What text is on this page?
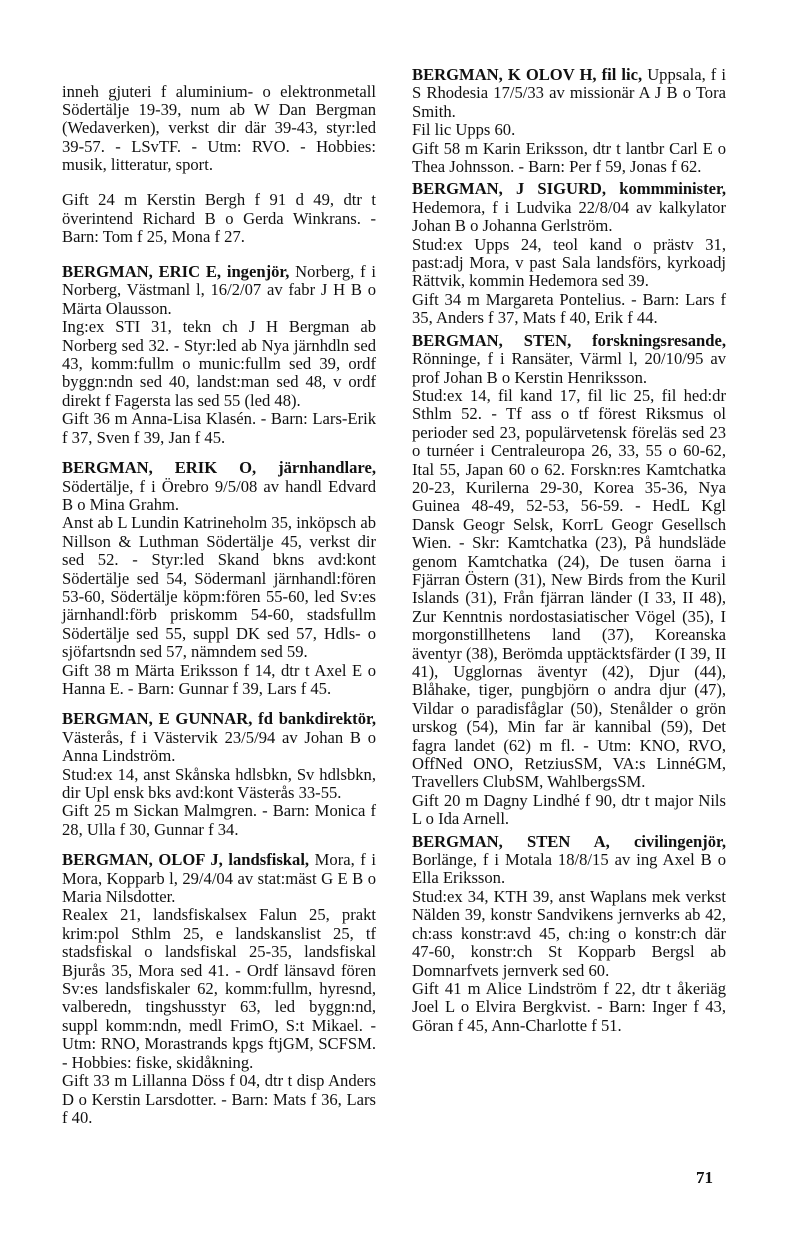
inneh gjuteri f aluminium- o elektronmetall Södertälje 19-39, num ab W Dan Bergman (Wedaverken), verkst dir där 39-43, styr:led 39-57. - LSvTF. - Utm: RVO. - Hobbies: musik, litteratur, sport.

Gift 24 m Kerstin Bergh f 91 d 49, dtr t överintend Richard B o Gerda Winkrans. - Barn: Tom f 25, Mona f 27.

BERGMAN, ERIC E, ingenjör, Norberg, f i Norberg, Västmanl l, 16/2/07 av fabr J H B o Märta Olausson.

Ing:ex STI 31, tekn ch J H Bergman ab Norberg sed 32. - Styr:led ab Nya järnhdln sed 43, komm:fullm o munic:fullm sed 39, ordf byggn:ndn sed 40, landst:man sed 48, v ordf direkt f Fagersta las sed 55 (led 48).

Gift 36 m Anna-Lisa Klasén. - Barn: Lars-Erik f 37, Sven f 39, Jan f 45.

BERGMAN, ERIK O, järnhandlare, Södertälje, f i Örebro 9/5/08 av handl Edvard B o Mina Grahm.

Anst ab L Lundin Katrineholm 35, inköpsch ab Nillson & Luthman Södertälje 45, verkst dir sed 52. - Styr:led Skand bkns avd:kont Södertälje sed 54, Södermanl järnhandl:fören 53-60, Södertälje köpm:fören 55-60, led Sv:es järnhandl:förb priskomm 54-60, stadsfullm Södertälje sed 55, suppl DK sed 57, Hdls- o sjöfartsndn sed 57, nämndem sed 59.

Gift 38 m Märta Eriksson f 14, dtr t Axel E o Hanna E. - Barn: Gunnar f 39, Lars f 45.

BERGMAN, E GUNNAR, fd bankdirektör, Västerås, f i Västervik 23/5/94 av Johan B o Anna Lindström.

Stud:ex 14, anst Skånska hdlsbkn, Sv hdlsbkn, dir Upl ensk bks avd:kont Västerås 33-55.

Gift 25 m Sickan Malmgren. - Barn: Monica f 28, Ulla f 30, Gunnar f 34.

BERGMAN, OLOF J, landsfiskal, Mora, f i Mora, Kopparb l, 29/4/04 av stat:mäst G E B o Maria Nilsdotter.

Realex 21, landsfiskalsex Falun 25, prakt krim:pol Sthlm 25, e landskanslist 25, tf stadsfiskal o landsfiskal 25-35, landsfiskal Bjurås 35, Mora sed 41. - Ordf länsavd fören Sv:es landsfiskaler 62, komm:fullm, hyresnd, valberedn, tingshusstyr 63, led byggn:nd, suppl komm:ndn, medl FrimO, S:t Mikael. - Utm: RNO, Morastrands kpgs ftjGM, SCFSM. - Hobbies: fiske, skidåkning.

Gift 33 m Lillanna Döss f 04, dtr t disp Anders D o Kerstin Larsdotter. - Barn: Mats f 36, Lars f 40.

BERGMAN, K OLOV H, fil lic, Uppsala, f i S Rhodesia 17/5/33 av missionär A J B o Tora Smith.

Fil lic Upps 60.

Gift 58 m Karin Eriksson, dtr t lantbr Carl E o Thea Johnsson. - Barn: Per f 59, Jonas f 62.

BERGMAN, J SIGURD, kommminister, Hedemora, f i Ludvika 22/8/04 av kalkylator Johan B o Johanna Gerlström.

Stud:ex Upps 24, teol kand o prästv 31, past:adj Mora, v past Sala landsförs, kyrkoadj Rättvik, kommin Hedemora sed 39.

Gift 34 m Margareta Pontelius. - Barn: Lars f 35, Anders f 37, Mats f 40, Erik f 44.

BERGMAN, STEN, forskningsresande, Rönninge, f i Ransäter, Värml l, 20/10/95 av prof Johan B o Kerstin Henriksson.

Stud:ex 14, fil kand 17, fil lic 25, fil hed:dr Sthlm 52. - Tf ass o tf förest Riksmus ol perioder sed 23, populärvetensk föreläs sed 23 o turnéer i Centraleuropa 26, 33, 55 o 60-62, Ital 55, Japan 60 o 62. Forskn:res Kamtchatka 20-23, Kurilerna 29-30, Korea 35-36, Nya Guinea 48-49, 52-53, 56-59. - HedL Kgl Dansk Geogr Selsk, KorrL Geogr Gesellsch Wien. - Skr: Kamtchatka (23), På hundsläde genom Kamtchatka (24), De tusen öarna i Fjärran Östern (31), New Birds from the Kuril Islands (31), Från fjärran länder (I 33, II 48), Zur Kenntnis nordostasiatischer Vögel (35), I morgonstillhetens land (37), Koreanska äventyr (38), Berömda upptäcktsfärder (I 39, II 41), Ugglornas äventyr (42), Djur (44), Blåhake, tiger, pungbjörn o andra djur (47), Vildar o paradisfåglar (50), Stenålder o grön urskog (54), Min far är kannibal (59), Det fagra landet (62) m fl. - Utm: KNO, RVO, OffNed ONO, RetziusSM, VA:s LinnéGM, Travellers ClubSM, WahlbergsSM.

Gift 20 m Dagny Lindhé f 90, dtr t major Nils L o Ida Arnell.

BERGMAN, STEN A, civilingenjör, Borlänge, f i Motala 18/8/15 av ing Axel B o Ella Eriksson.

Stud:ex 34, KTH 39, anst Waplans mek verkst Nälden 39, konstr Sandvikens jernverks ab 42, ch:ass konstr:avd 45, ch:ing o konstr:ch där 47-60, konstr:ch St Kopparb Bergsl ab Domnarfvets jernverk sed 60.

Gift 41 m Alice Lindström f 22, dtr t åkeriäg Joel L o Elvira Bergkvist. - Barn: Inger f 43, Göran f 45, Ann-Charlotte f 51.

71
